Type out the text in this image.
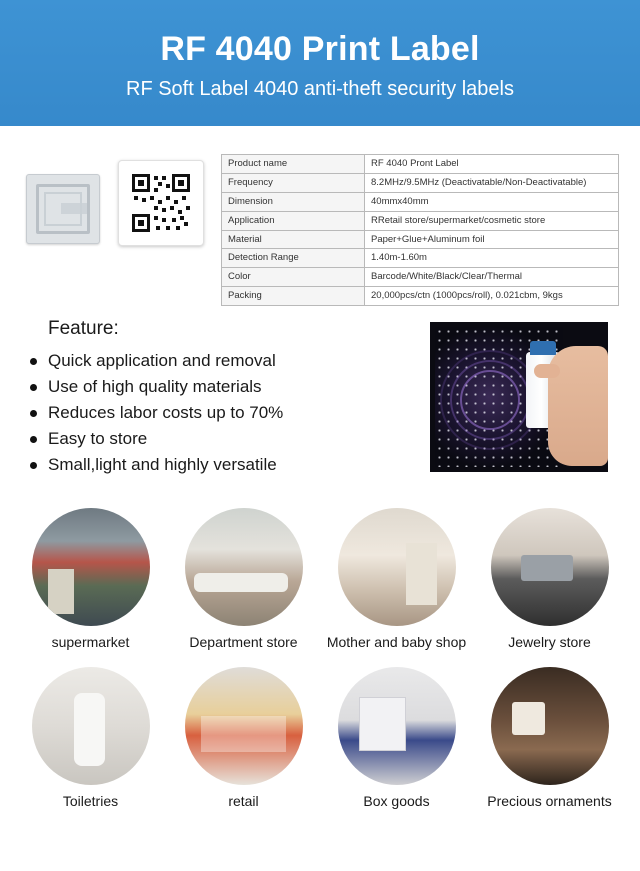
RF 4040 Print Label
RF Soft Label 4040 anti-theft security labels
Product name	RF 4040 Pront Label
Frequency	8.2MHz/9.5MHz (Deactivatable/Non-Deactivatable)
Dimension	40mmx40mm
Application	RRetail store/supermarket/cosmetic store
Material	Paper+Glue+Aluminum foil
Detection Range	1.40m-1.60m
Color	Barcode/White/Black/Clear/Thermal
Packing	20,000pcs/ctn (1000pcs/roll), 0.021cbm, 9kgs
Feature:
Quick application and removal
Use of high quality materials
Reduces labor costs up to 70%
Easy to store
Small,light and highly versatile
supermarket	Department store Mother and baby shop	Jewelry store
Toiletries	retail	Box goods	Precious ornaments
